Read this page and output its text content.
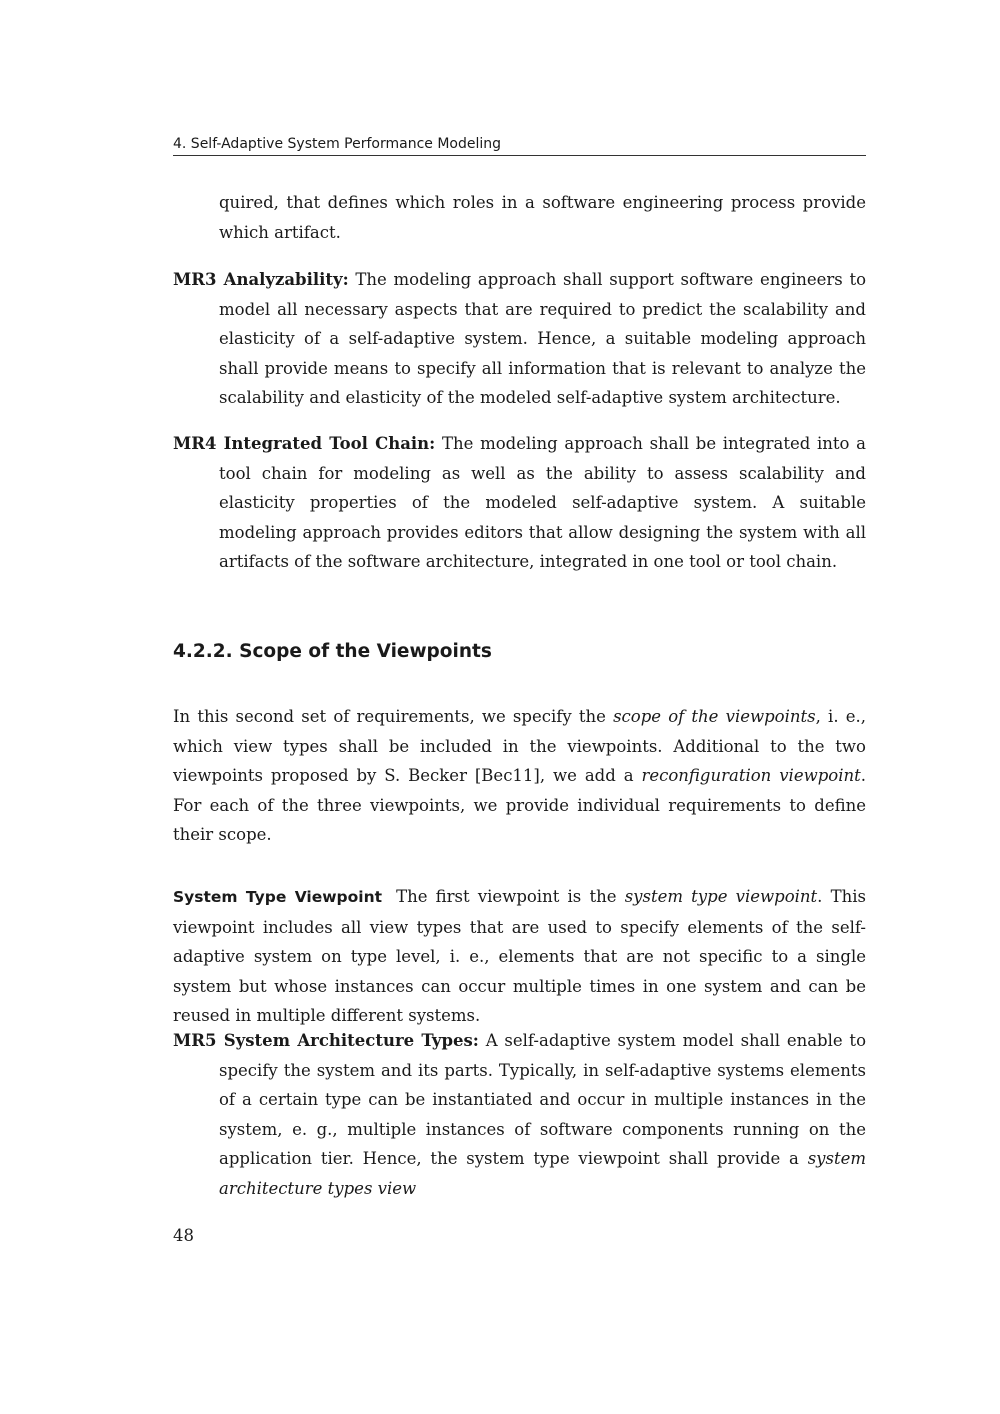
4. Self-Adaptive System Performance Modeling
quired, that defines which roles in a software engineering process provide which artifact.
MR3 Analyzability: The modeling approach shall support software engineers to model all necessary aspects that are required to predict the scalability and elasticity of a self-adaptive system. Hence, a suitable modeling approach shall provide means to specify all information that is relevant to analyze the scalability and elasticity of the modeled self-adaptive system architecture.
MR4 Integrated Tool Chain: The modeling approach shall be integrated into a tool chain for modeling as well as the ability to assess scalability and elasticity properties of the modeled self-adaptive system. A suitable modeling approach provides editors that allow designing the system with all artifacts of the software architecture, integrated in one tool or tool chain.
4.2.2. Scope of the Viewpoints
In this second set of requirements, we specify the scope of the viewpoints, i. e., which view types shall be included in the viewpoints. Additional to the two viewpoints proposed by S. Becker [Bec11], we add a reconfiguration viewpoint. For each of the three viewpoints, we provide individual requirements to define their scope.
System Type Viewpoint The first viewpoint is the system type viewpoint. This viewpoint includes all view types that are used to specify elements of the self-adaptive system on type level, i. e., elements that are not specific to a single system but whose instances can occur multiple times in one system and can be reused in multiple different systems.
MR5 System Architecture Types: A self-adaptive system model shall enable to specify the system and its parts. Typically, in self-adaptive systems elements of a certain type can be instantiated and occur in multiple instances in the system, e. g., multiple instances of software components running on the application tier. Hence, the system type viewpoint shall provide a system architecture types view
48
